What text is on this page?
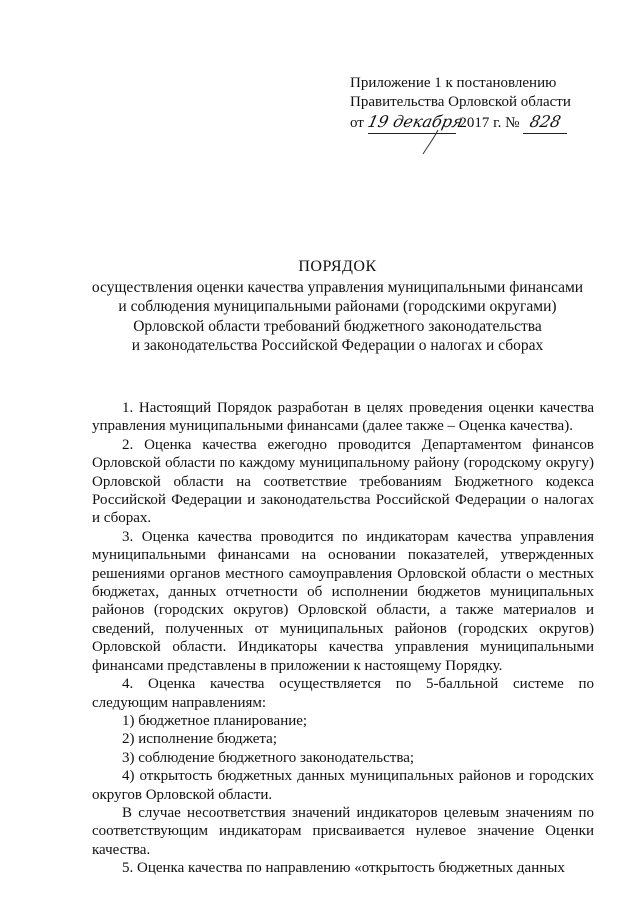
Приложение 1 к постановлению
Правительства Орловской области
от 19 декабря 2017 г. № 828
ПОРЯДОК
осуществления оценки качества управления муниципальными финансами
и соблюдения муниципальными районами (городскими округами)
Орловской области требований бюджетного законодательства
и законодательства Российской Федерации о налогах и сборах

1. Настоящий Порядок разработан в целях проведения оценки качества управления муниципальными финансами (далее также – Оценка качества).

2. Оценка качества ежегодно проводится Департаментом финансов Орловской области по каждому муниципальному району (городскому округу) Орловской области на соответствие требованиям Бюджетного кодекса Российской Федерации и законодательства Российской Федерации о налогах и сборах.

3. Оценка качества проводится по индикаторам качества управления муниципальными финансами на основании показателей, утвержденных решениями органов местного самоуправления Орловской области о местных бюджетах, данных отчетности об исполнении бюджетов муниципальных районов (городских округов) Орловской области, а также материалов и сведений, полученных от муниципальных районов (городских округов) Орловской области. Индикаторы качества управления муниципальными финансами представлены в приложении к настоящему Порядку.

4. Оценка качества осуществляется по 5-балльной системе по следующим направлениям:

1) бюджетное планирование;

2) исполнение бюджета;

3) соблюдение бюджетного законодательства;

4) открытость бюджетных данных муниципальных районов и городских округов Орловской области.

В случае несоответствия значений индикаторов целевым значениям по соответствующим индикаторам присваивается нулевое значение Оценки качества.

5. Оценка качества по направлению «открытость бюджетных данных
